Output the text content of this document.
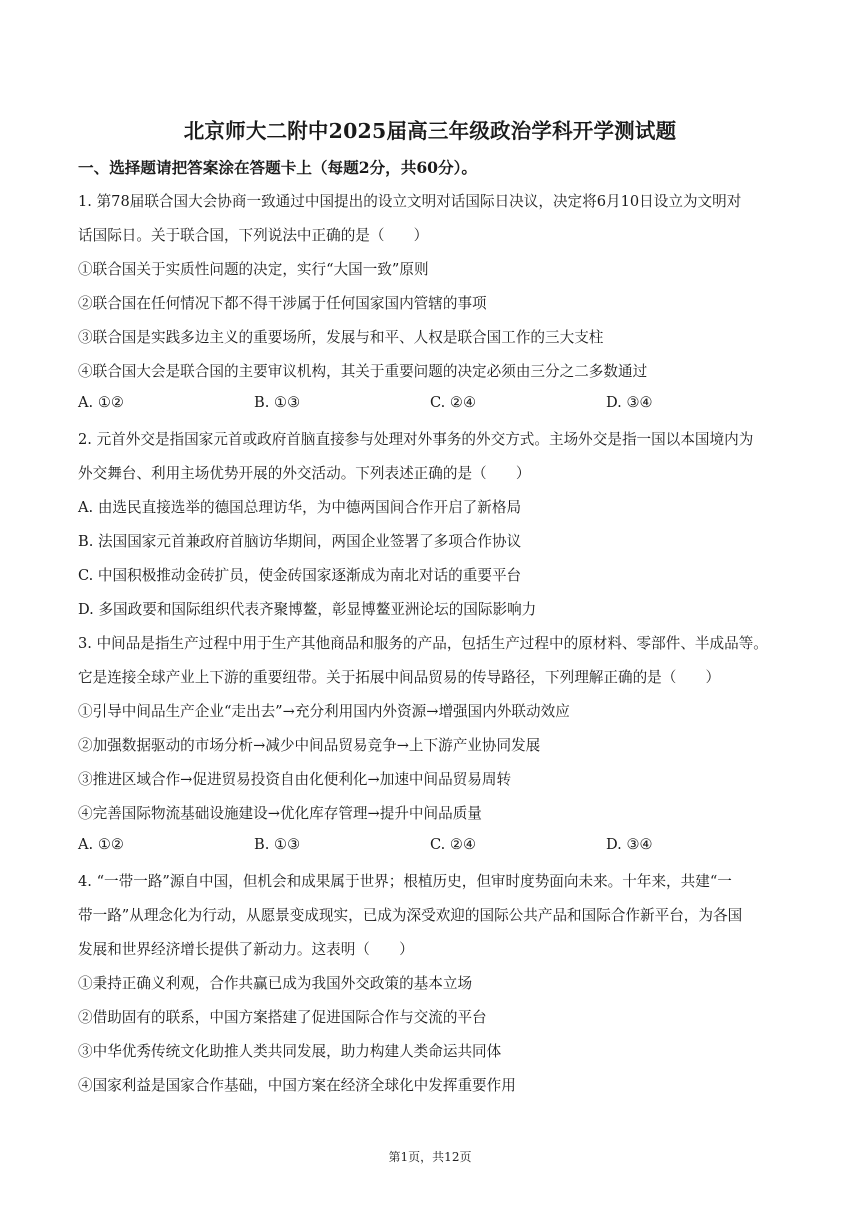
北京师大二附中2025届高三年级政治学科开学测试题
一、选择题请把答案涂在答题卡上（每题2分，共60分）。
1. 第78届联合国大会协商一致通过中国提出的设立文明对话国际日决议，决定将6月10日设立为文明对
话国际日。关于联合国，下列说法中正确的是（　　）
①联合国关于实质性问题的决定，实行“大国一致”原则
②联合国在任何情况下都不得干涉属于任何国家国内管辖的事项
③联合国是实践多边主义的重要场所，发展与和平、人权是联合国工作的三大支柱
④联合国大会是联合国的主要审议机构，其关于重要问题的决定必须由三分之二多数通过
A. ①②	B. ①③	C. ②④	D. ③④
2. 元首外交是指国家元首或政府首脑直接参与处理对外事务的外交方式。主场外交是指一国以本国境内为
外交舞台、利用主场优势开展的外交活动。下列表述正确的是（　　）
A. 由选民直接选举的德国总理访华，为中德两国间合作开启了新格局
B. 法国国家元首兼政府首脑访华期间，两国企业签署了多项合作协议
C. 中国积极推动金砖扩员，使金砖国家逐渐成为南北对话的重要平台
D. 多国政要和国际组织代表齐聚博鳌，彰显博鳌亚洲论坛的国际影响力
3. 中间品是指生产过程中用于生产其他商品和服务的产品，包括生产过程中的原材料、零部件、半成品等。
它是连接全球产业上下游的重要纽带。关于拓展中间品贸易的传导路径，下列理解正确的是（　　）
①引导中间品生产企业“走出去”→充分利用国内外资源→增强国内外联动效应
②加强数据驱动的市场分析→减少中间品贸易竞争→上下游产业协同发展
③推进区域合作→促进贸易投资自由化便利化→加速中间品贸易周转
④完善国际物流基础设施建设→优化库存管理→提升中间品质量
A. ①②	B. ①③	C. ②④	D. ③④
4. “一带一路”源自中国，但机会和成果属于世界；根植历史，但审时度势面向未来。十年来，共建“一
带一路”从理念化为行动，从愿景变成现实，已成为深受欢迎的国际公共产品和国际合作新平台，为各国
发展和世界经济增长提供了新动力。这表明（　　）
①秉持正确义利观，合作共赢已成为我国外交政策的基本立场
②借助固有的联系，中国方案搭建了促进国际合作与交流的平台
③中华优秀传统文化助推人类共同发展，助力构建人类命运共同体
④国家利益是国家合作基础，中国方案在经济全球化中发挥重要作用
第1页，共12页
